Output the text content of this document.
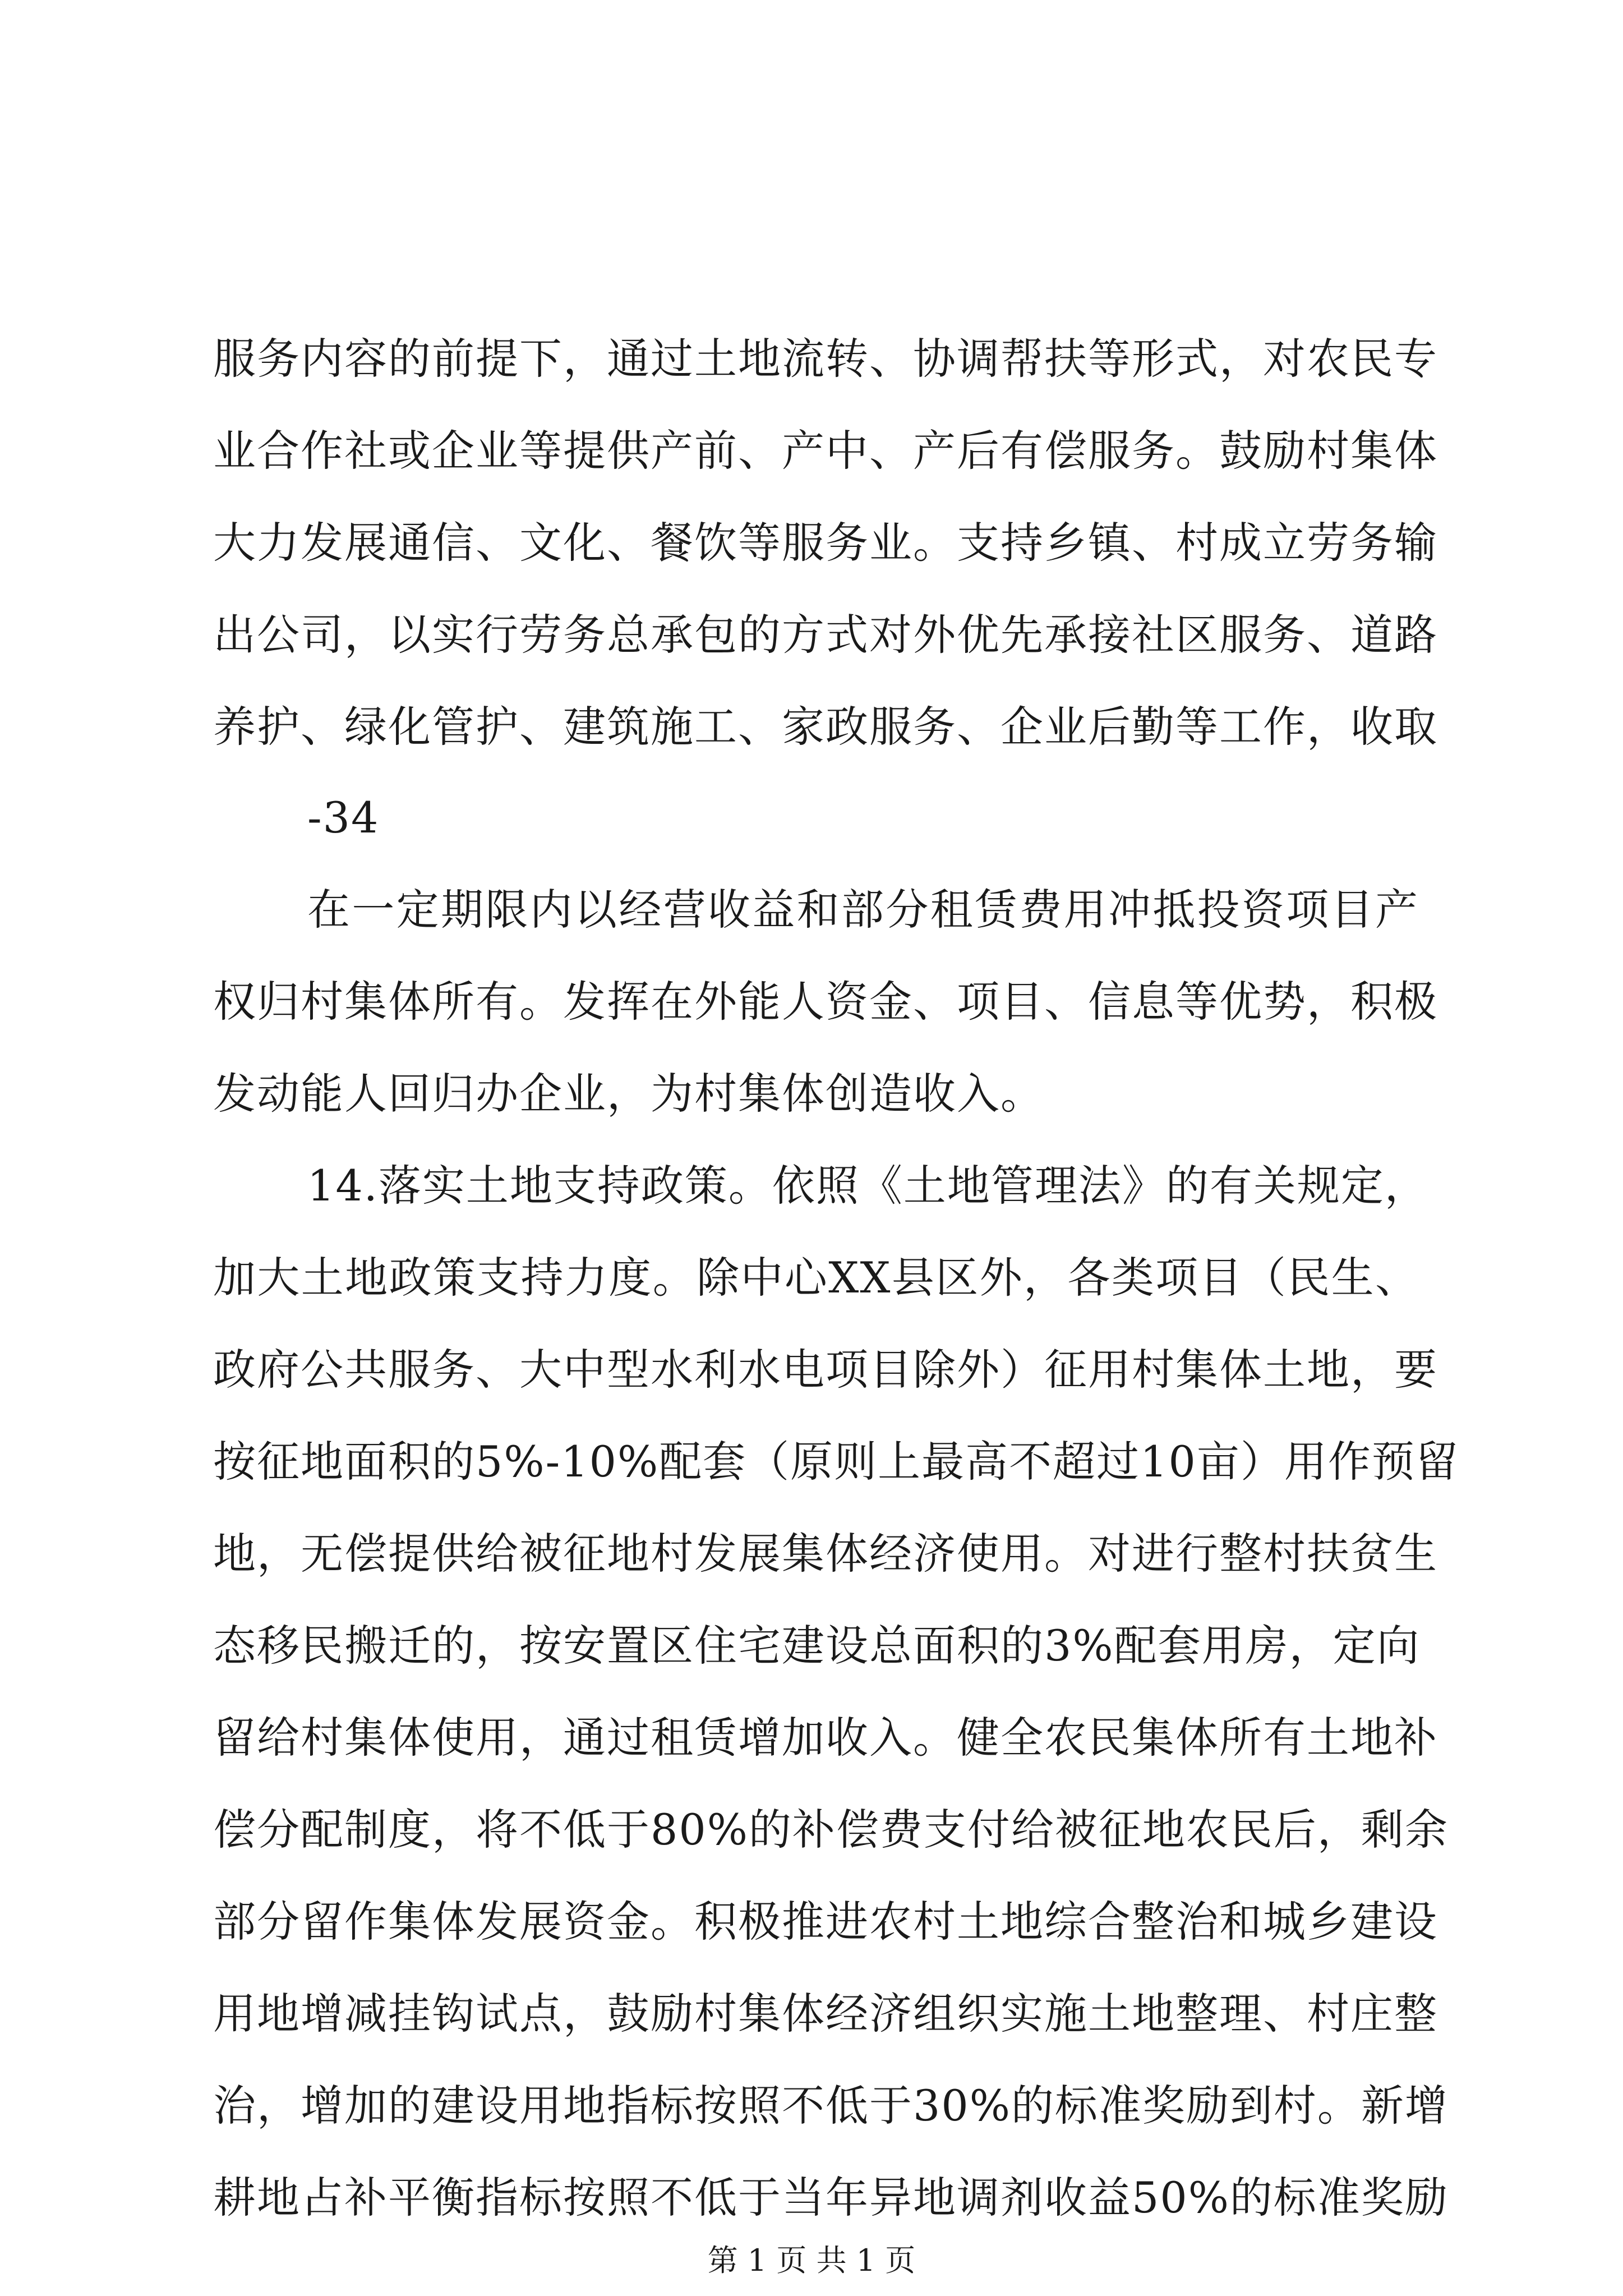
服务内容的前提下，通过土地流转、协调帮扶等形式，对农民专
业合作社或企业等提供产前、产中、产后有偿服务。鼓励村集体
大力发展通信、文化、餐饮等服务业。支持乡镇、村成立劳务输
出公司，以实行劳务总承包的方式对外优先承接社区服务、道路
养护、绿化管护、建筑施工、家政服务、企业后勤等工作，收取
-34
在一定期限内以经营收益和部分租赁费用冲抵投资项目产
权归村集体所有。发挥在外能人资金、项目、信息等优势，积极
发动能人回归办企业，为村集体创造收入。
14.落实土地支持政策。依照《土地管理法》的有关规定，
加大土地政策支持力度。除中心XX县区外，各类项目（民生、
政府公共服务、大中型水利水电项目除外）征用村集体土地，要
按征地面积的5%-10%配套（原则上最高不超过10亩）用作预留
地，无偿提供给被征地村发展集体经济使用。对进行整村扶贫生
态移民搬迁的，按安置区住宅建设总面积的3%配套用房，定向
留给村集体使用，通过租赁增加收入。健全农民集体所有土地补
偿分配制度，将不低于80%的补偿费支付给被征地农民后，剩余
部分留作集体发展资金。积极推进农村土地综合整治和城乡建设
用地增减挂钩试点，鼓励村集体经济组织实施土地整理、村庄整
治，增加的建设用地指标按照不低于30%的标准奖励到村。新增
耕地占补平衡指标按照不低于当年异地调剂收益50%的标准奖励
第 1 页 共 1 页
